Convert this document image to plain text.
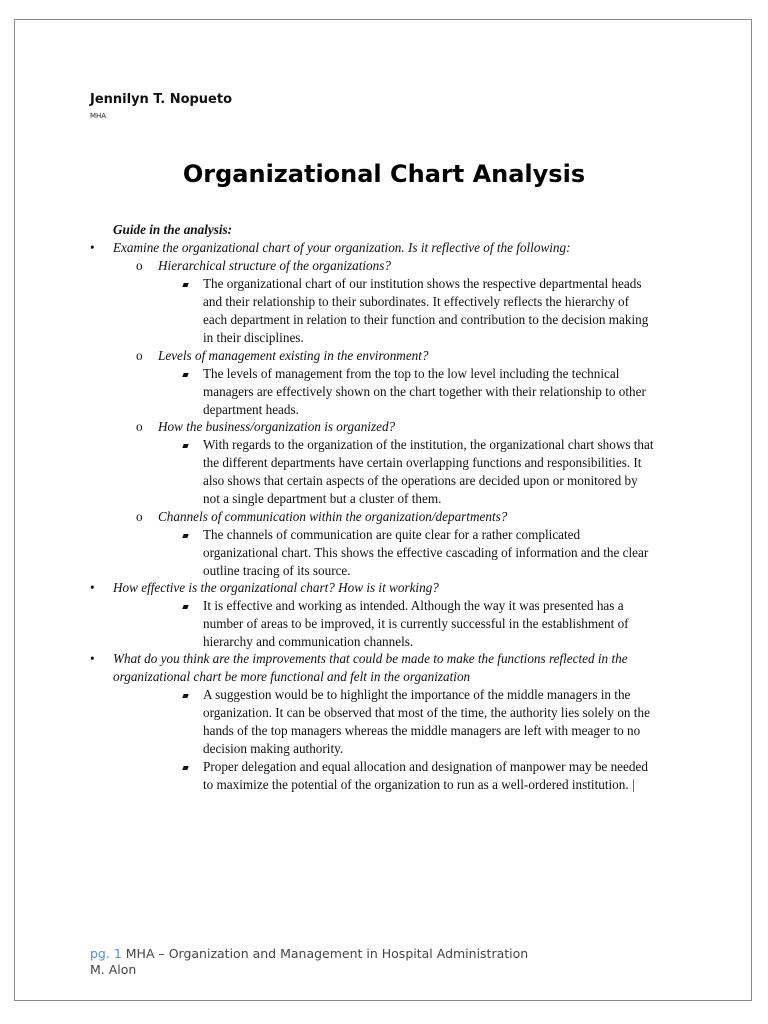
Jennilyn T. Nopueto
MHA
Organizational Chart Analysis
Guide in the analysis:
• Examine the organizational chart of your organization. Is it reflective of the following:
o Hierarchical structure of the organizations?
The organizational chart of our institution shows the respective departmental heads
and their relationship to their subordinates. It effectively reflects the hierarchy of
each department in relation to their function and contribution to the decision making
in their disciplines.
o Levels of management existing in the environment?
The levels of management from the top to the low level including the technical
managers are effectively shown on the chart together with their relationship to other
department heads.
o How the business/organization is organized?
With regards to the organization of the institution, the organizational chart shows that
the different departments have certain overlapping functions and responsibilities. It
also shows that certain aspects of the operations are decided upon or monitored by
not a single department but a cluster of them.
o Channels of communication within the organization/departments?
The channels of communication are quite clear for a rather complicated
organizational chart. This shows the effective cascading of information and the clear
outline tracing of its source.
• How effective is the organizational chart? How is it working?
It is effective and working as intended. Although the way it was presented has a
number of areas to be improved, it is currently successful in the establishment of
hierarchy and communication channels.
• What do you think are the improvements that could be made to make the functions reflected in the
organizational chart be more functional and felt in the organization
A suggestion would be to highlight the importance of the middle managers in the
organization. It can be observed that most of the time, the authority lies solely on the
hands of the top managers whereas the middle managers are left with meager to no
decision making authority.
Proper delegation and equal allocation and designation of manpower may be needed
to maximize the potential of the organization to run as a well-ordered institution. |
pg. 1 MHA – Organization and Management in Hospital Administration
M. Alon
